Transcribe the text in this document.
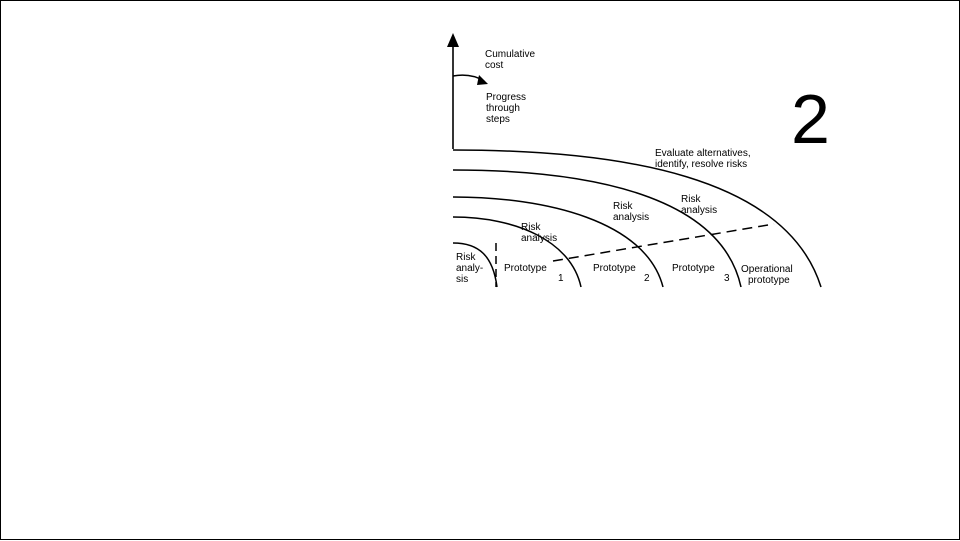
Cumulative
cost
Progress
through
steps
Evaluate alternatives,
identify, resolve risks
Risk
analysis
Risk
analysis
Risk
analysis
Risk
analy-
sis
Prototype
1
Prototype
2
Prototype
3
Operational
prototype
2
